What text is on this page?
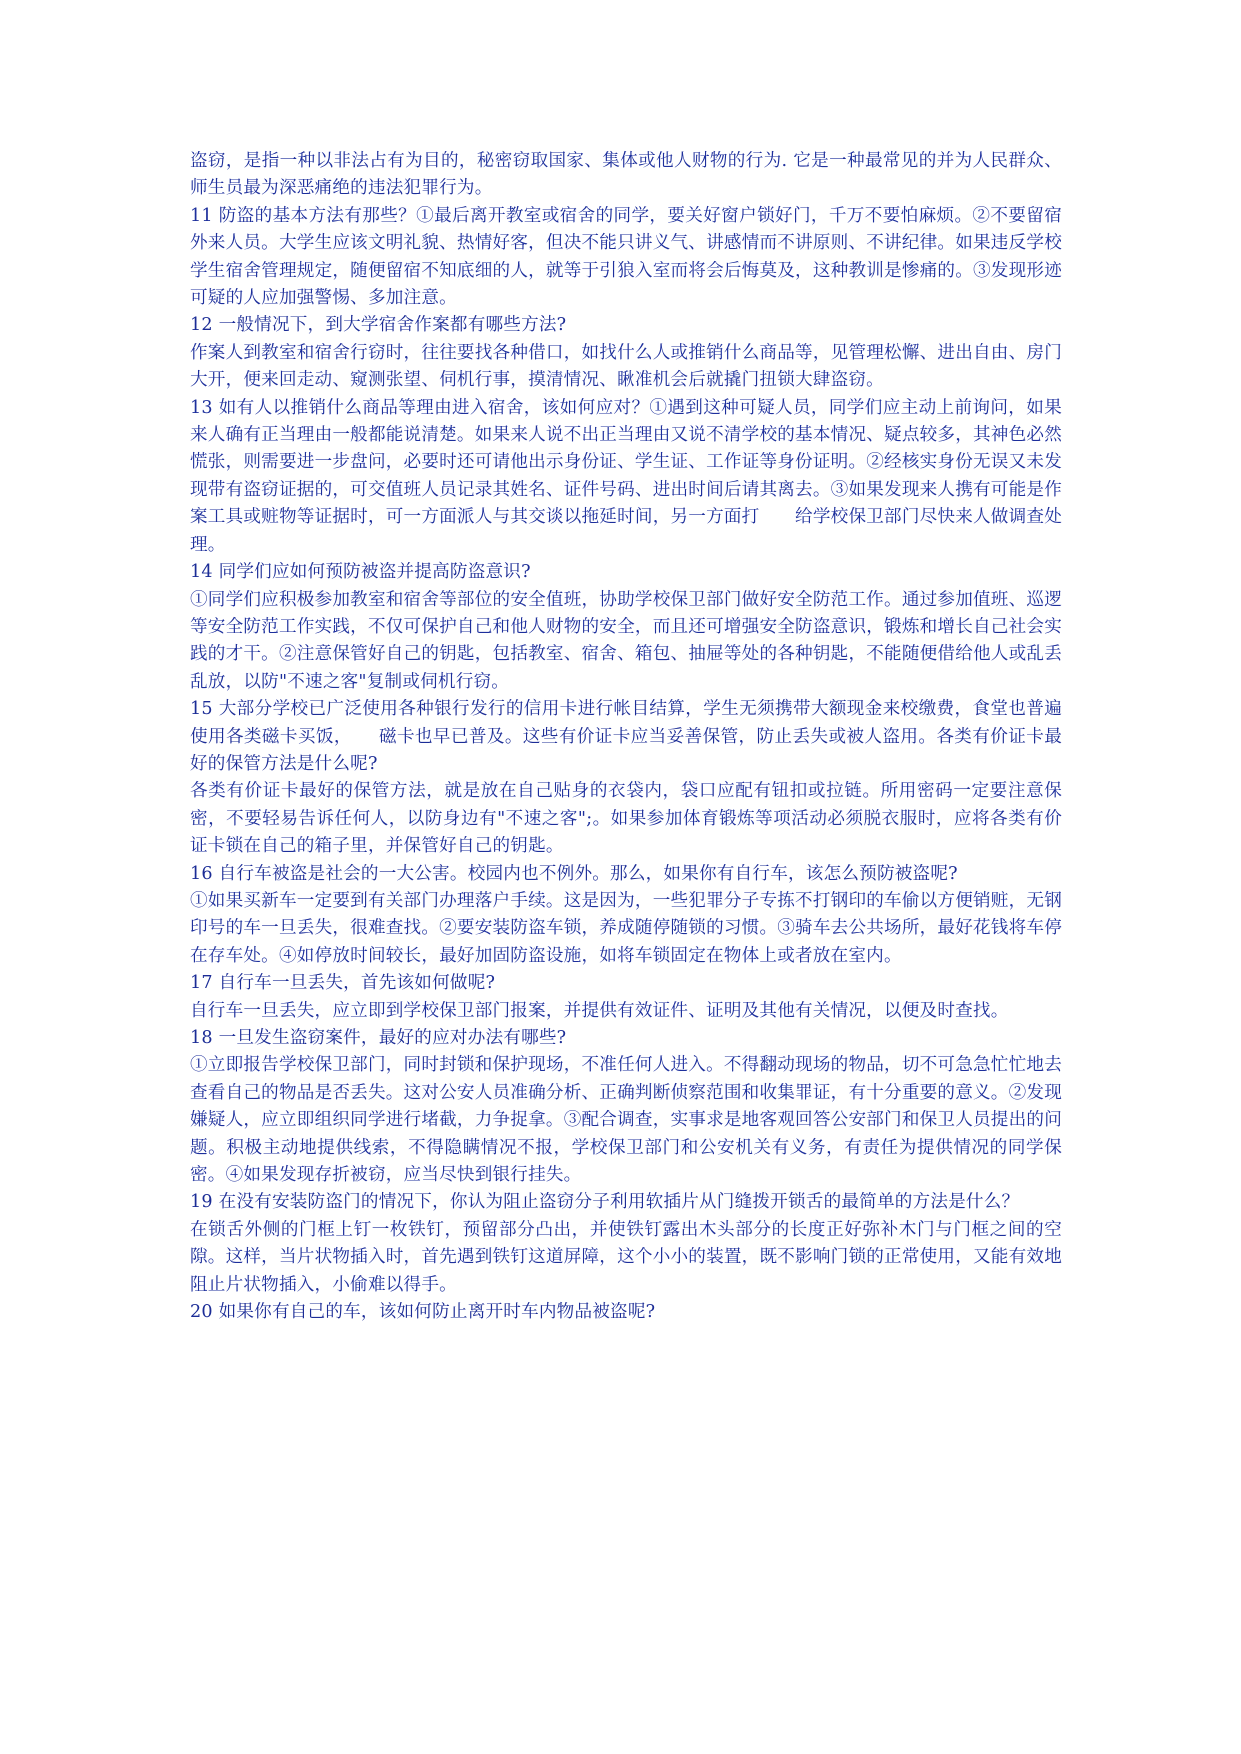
盗窃，是指一种以非法占有为目的，秘密窃取国家、集体或他人财物的行为. 它是一种最常见的并为人民群众、师生员最为深恶痛绝的违法犯罪行为。

11 防盗的基本方法有那些？①最后离开教室或宿舍的同学，要关好窗户锁好门，千万不要怕麻烦。②不要留宿外来人员。大学生应该文明礼貌、热情好客，但决不能只讲义气、讲感情而不讲原则、不讲纪律。如果违反学校学生宿舍管理规定，随便留宿不知底细的人，就等于引狼入室而将会后悔莫及，这种教训是惨痛的。③发现形迹可疑的人应加强警惕、多加注意。

12 一般情况下，到大学宿舍作案都有哪些方法?

作案人到教室和宿舍行窃时，往往要找各种借口，如找什么人或推销什么商品等，见管理松懈、进出自由、房门大开，便来回走动、窥测张望、伺机行事，摸清情况、瞅准机会后就撬门扭锁大肆盗窃。

13 如有人以推销什么商品等理由进入宿舍，该如何应对？①遇到这种可疑人员，同学们应主动上前询问，如果来人确有正当理由一般都能说清楚。如果来人说不出正当理由又说不清学校的基本情况、疑点较多，其神色必然慌张，则需要进一步盘问，必要时还可请他出示身份证、学生证、工作证等身份证明。②经核实身份无误又未发现带有盗窃证据的，可交值班人员记录其姓名、证件号码、进出时间后请其离去。③如果发现来人携有可能是作案工具或赃物等证据时，可一方面派人与其交谈以拖延时间，另一方面打　　给学校保卫部门尽快来人做调查处理。

14 同学们应如何预防被盗并提高防盗意识?

①同学们应积极参加教室和宿舍等部位的安全值班，协助学校保卫部门做好安全防范工作。通过参加值班、巡逻等安全防范工作实践，不仅可保护自己和他人财物的安全，而且还可增强安全防盗意识，锻炼和增长自己社会实践的才干。②注意保管好自己的钥匙，包括教室、宿舍、箱包、抽屉等处的各种钥匙，不能随便借给他人或乱丢乱放，以防"不速之客"复制或伺机行窃。

15 大部分学校已广泛使用各种银行发行的信用卡进行帐目结算，学生无须携带大额现金来校缴费，食堂也普遍使用各类磁卡买饭，　　磁卡也早已普及。这些有价证卡应当妥善保管，防止丢失或被人盗用。各类有价证卡最好的保管方法是什么呢?

各类有价证卡最好的保管方法，就是放在自己贴身的衣袋内，袋口应配有钮扣或拉链。所用密码一定要注意保密，不要轻易告诉任何人，以防身边有"不速之客";。如果参加体育锻炼等项活动必须脱衣服时，应将各类有价证卡锁在自己的箱子里，并保管好自己的钥匙。

16 自行车被盗是社会的一大公害。校园内也不例外。那么，如果你有自行车，该怎么预防被盗呢?

①如果买新车一定要到有关部门办理落户手续。这是因为，一些犯罪分子专拣不打钢印的车偷以方便销赃，无钢印号的车一旦丢失，很难查找。②要安装防盗车锁，养成随停随锁的习惯。③骑车去公共场所，最好花钱将车停在存车处。④如停放时间较长，最好加固防盗设施，如将车锁固定在物体上或者放在室内。

17 自行车一旦丢失，首先该如何做呢?

自行车一旦丢失，应立即到学校保卫部门报案，并提供有效证件、证明及其他有关情况，以便及时查找。

18 一旦发生盗窃案件，最好的应对办法有哪些?

①立即报告学校保卫部门，同时封锁和保护现场，不准任何人进入。不得翻动现场的物品，切不可急急忙忙地去查看自己的物品是否丢失。这对公安人员准确分析、正确判断侦察范围和收集罪证，有十分重要的意义。②发现嫌疑人，应立即组织同学进行堵截，力争捉拿。③配合调查，实事求是地客观回答公安部门和保卫人员提出的问题。积极主动地提供线索，不得隐瞒情况不报，学校保卫部门和公安机关有义务，有责任为提供情况的同学保密。④如果发现存折被窃，应当尽快到银行挂失。

19 在没有安装防盗门的情况下，你认为阻止盗窃分子利用软插片从门缝拨开锁舌的最简单的方法是什么？

在锁舌外侧的门框上钉一枚铁钉，预留部分凸出，并使铁钉露出木头部分的长度正好弥补木门与门框之间的空隙。这样，当片状物插入时，首先遇到铁钉这道屏障，这个小小的装置，既不影响门锁的正常使用，又能有效地阻止片状物插入，小偷难以得手。

20 如果你有自己的车，该如何防止离开时车内物品被盗呢?
